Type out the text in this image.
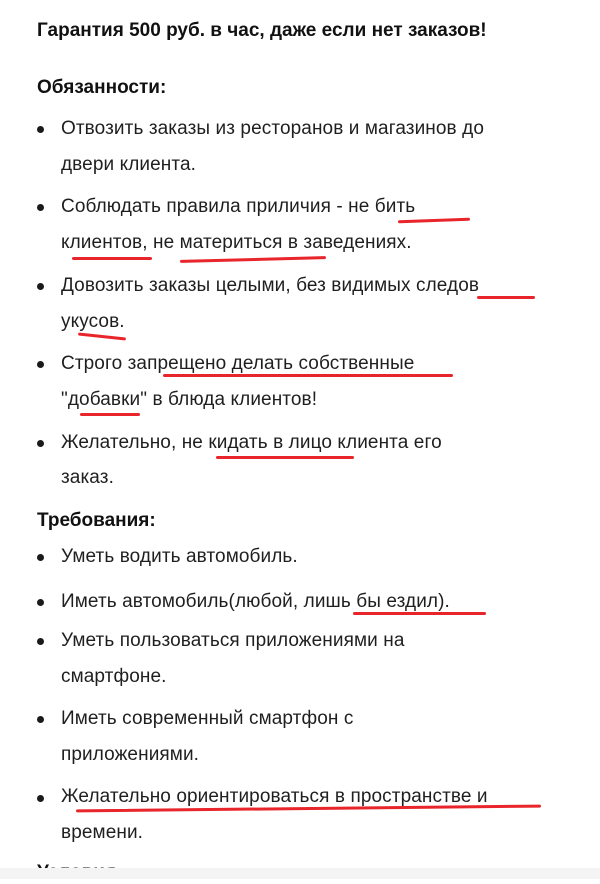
Гарантия 500 руб. в час, даже если нет заказов!
Обязанности:
Отвозить заказы из ресторанов и магазинов до
двери клиента.
Соблюдать правила приличия - не бить
клиентов, не материться в заведениях.
Довозить заказы целыми, без видимых следов
укусов.
Строго запрещено делать собственные
"добавки" в блюда клиентов!
Желательно, не кидать в лицо клиента его
заказ.
Требования:
Уметь водить автомобиль.
Иметь автомобиль(любой, лишь бы ездил).
Уметь пользоваться приложениями на
смартфоне.
Иметь современный смартфон с
приложениями.
Желательно ориентироваться в пространстве и
времени.
